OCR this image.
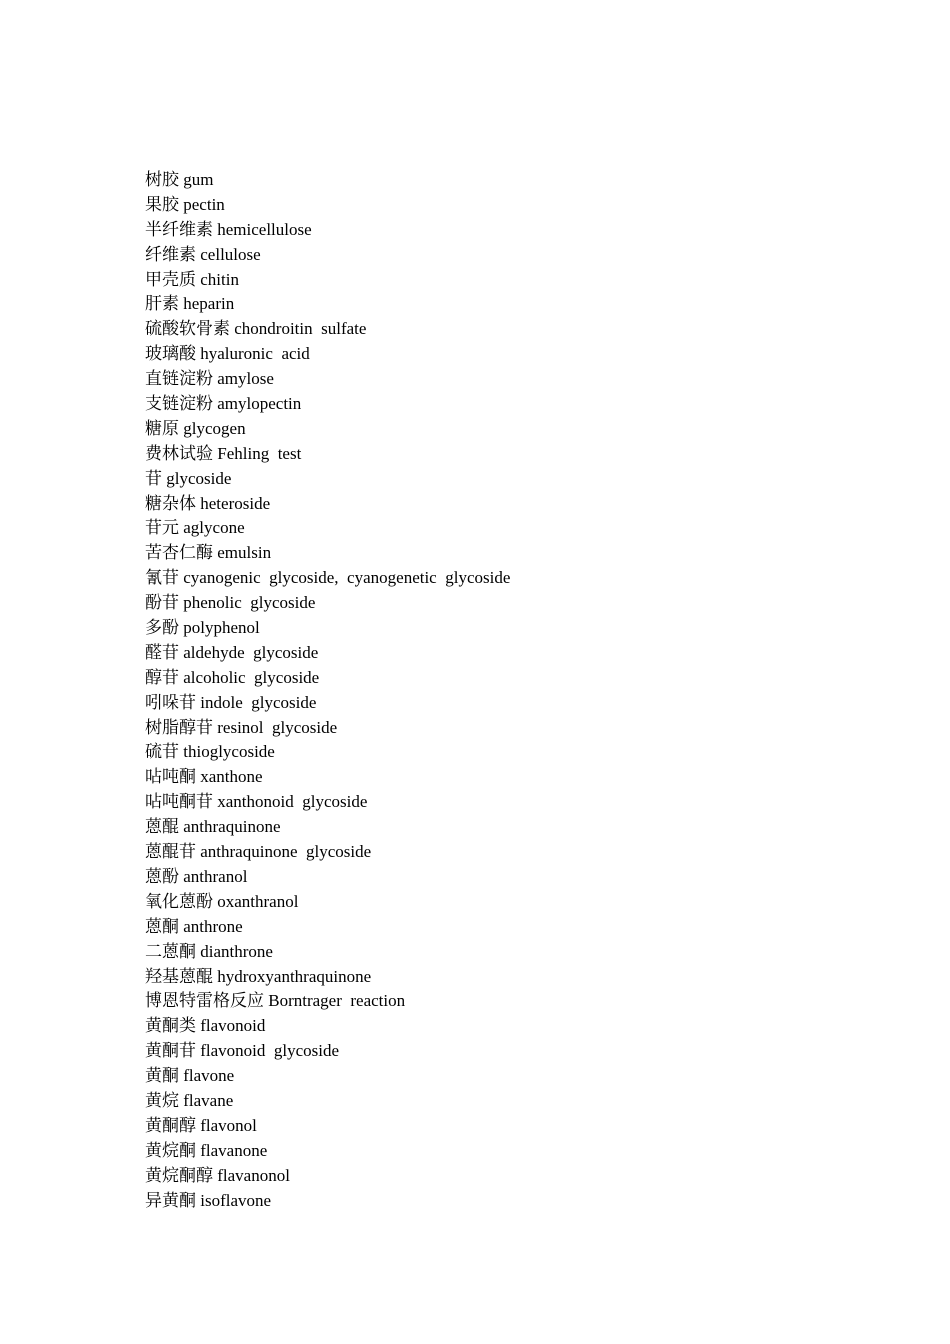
树胶 gum
果胶 pectin
半纤维素 hemicellulose
纤维素 cellulose
甲壳质 chitin
肝素 heparin
硫酸软骨素 chondroitin  sulfate
玻璃酸 hyaluronic  acid
直链淀粉 amylose
支链淀粉 amylopectin
糖原 glycogen
费林试验 Fehling  test
苷 glycoside
糖杂体 heteroside
苷元 aglycone
苦杏仁酶 emulsin
氰苷 cyanogenic  glycoside,  cyanogenetic  glycoside
酚苷 phenolic  glycoside
多酚 polyphenol
醛苷 aldehyde  glycoside
醇苷 alcoholic  glycoside
吲哚苷 indole  glycoside
树脂醇苷 resinol  glycoside
硫苷 thioglycoside
呫吨酮 xanthone
呫吨酮苷 xanthonoid  glycoside
蒽醌 anthraquinone
蒽醌苷 anthraquinone  glycoside
蒽酚 anthranol
氧化蒽酚 oxanthranol
蒽酮 anthrone
二蒽酮 dianthrone
羟基蒽醌 hydroxyanthraquinone
博恩特雷格反应 Borntrager  reaction
黄酮类 flavonoid
黄酮苷 flavonoid  glycoside
黄酮 flavone
黄烷 flavane
黄酮醇 flavonol
黄烷酮 flavanone
黄烷酮醇 flavanonol
异黄酮 isoflavone
